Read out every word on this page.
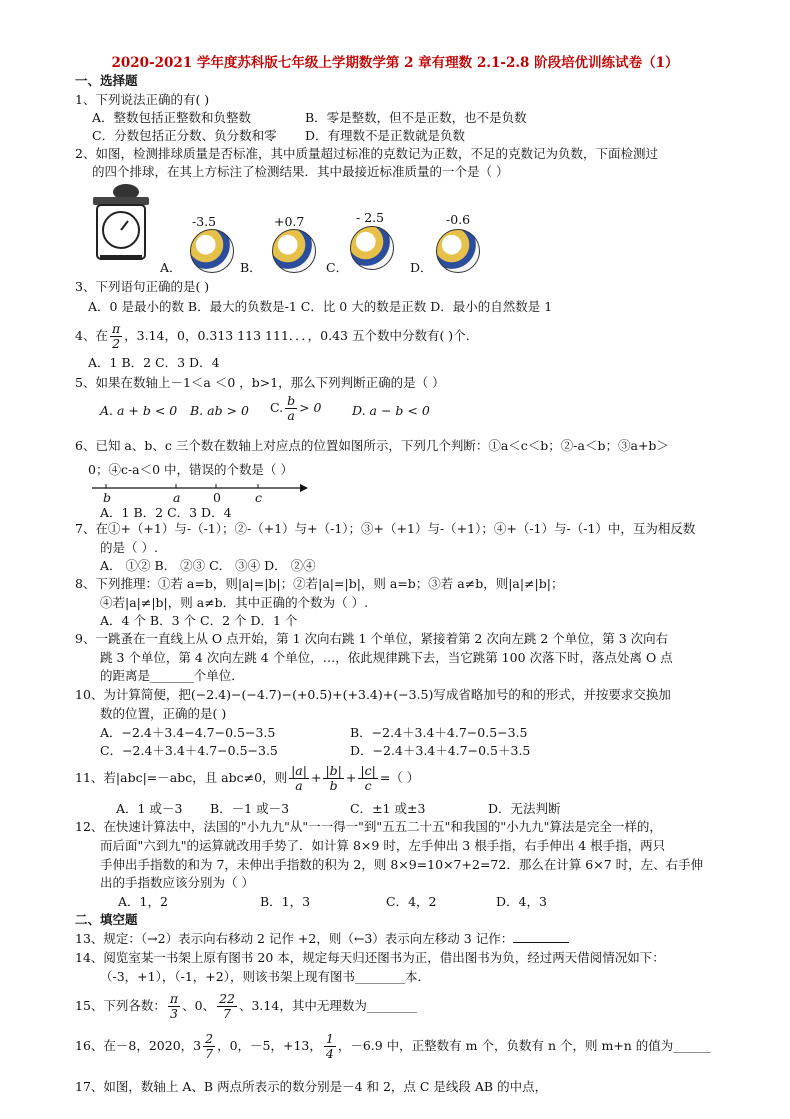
2020-2021 学年度苏科版七年级上学期数学第 2 章有理数 2.1-2.8 阶段培优训练试卷（1）
一、选择题
1、下列说法正确的有( )
A．整数包括正整数和负整数	B．零是整数，但不是正数，也不是负数
C．分数包括正分数、负分数和零 D．有理数不是正数就是负数
2、如图，检测排球质量是否标准，其中质量超过标准的克数记为正数，不足的克数记为负数，下面检测过
的四个排球，在其上方标注了检测结果．其中最接近标准质量的一个是（ ）
-3.5	+0.7	- 2.5	-0.6
A．	B．	C．	D．
3、下列语句正确的是( )
A．0 是最小的数 B．最大的负数是-1 C．比 0 大的数是正数 D．最小的自然数是 1
4、在 $\frac{\pi}{2}$ ，3.14，0，0.313 113 111．．．，0.43 五个数中分数有( )个．
A．1 B．2 C．3 D．4
5、如果在数轴上－1＜a ＜0 ，b>1，那么下列判断正确的是（ ）
A. a + b < 0 B. ab > 0 C. $\frac{b}{a} > 0$ D. a − b < 0
6、已知 a、b、c 三个数在数轴上对应点的位置如图所示，下列几个判断：①a＜c＜b；②-a＜b；③a+b＞
0；④c-a＜0 中，错误的个数是（ ）
b	a	0	c
A．1 B．2 C．3 D．4
7、在①+（+1）与-（-1）；②-（+1）与+（-1）；③+（+1）与-（+1）；④+（-1）与-（-1）中，互为相反数
的是（ ）.
A． ①② B． ②③ C． ③④ D． ②④
8、下列推理：①若 a=b，则|a|=|b|；②若|a|=|b|，则 a=b；③若 a≠b，则|a|≠|b|；
④若|a|≠|b|，则 a≠b．其中正确的个数为（ ）.
A．4 个 B．3 个 C．2 个 D．1 个
9、一跳蚤在一直线上从 O 点开始，第 1 次向右跳 1 个单位，紧接着第 2 次向左跳 2 个单位，第 3 次向右
跳 3 个单位，第 4 次向左跳 4 个单位，…，依此规律跳下去，当它跳第 100 次落下时，落点处离 O 点
的距离是_______个单位．
10、为计算简便，把(−2.4)−(−4.7)−(+0.5)+(+3.4)+(−3.5)写成省略加号的和的形式，并按要求交换加
数的位置，正确的是( )
A．−2.4＋3.4−4.7−0.5−3.5	B．−2.4＋3.4＋4.7−0.5−3.5
C．−2.4＋3.4＋4.7−0.5−3.5	D．−2.4＋3.4＋4.7−0.5＋3.5
11、若|abc|=－abc，且 abc≠0，则 $\frac{|a|}{a} + \frac{|b|}{b} + \frac{|c|}{c}$ =（ ）
A．1 或－3 B．－1 或－3	C．±1 或±3	D．无法判断
12、在快速计算法中，法国的"小九九"从"一一得一"到"五五二十五"和我国的"小九九"算法是完全一样的，
而后面"六到九"的运算就改用手势了．如计算 8×9 时，左手伸出 3 根手指，右手伸出 4 根手指，两只
手伸出手指数的和为 7，未伸出手指数的积为 2，则 8×9=10×7+2=72．那么在计算 6×7 时，左、右手伸
出的手指数应该分别为（ ）
A．1，2	B．1，3	C．4，2	D．4，3
二、填空题
13、规定：（→2）表示向右移动 2 记作 +2，则（←3）表示向左移动 3 记作：
14、阅览室某一书架上原有图书 20 本，规定每天归还图书为正，借出图书为负，经过两天借阅情况如下：
（-3，+1），（-1，+2），则该书架上现有图书________本．
15、下列各数： $\frac{\pi}{3}$ 、0、 $\frac{22}{7}$ 、3.14，其中无理数为________
16、在－8，2020，$3 \frac{2}{7}$ ，0，－5，+13， $\frac{1}{4}$ ，－6.9 中，正整数有 m 个，负数有 n 个，则 m+n 的值为______
17、如图，数轴上 A、B 两点所表示的数分别是－4 和 2，点 C 是线段 AB 的中点，
